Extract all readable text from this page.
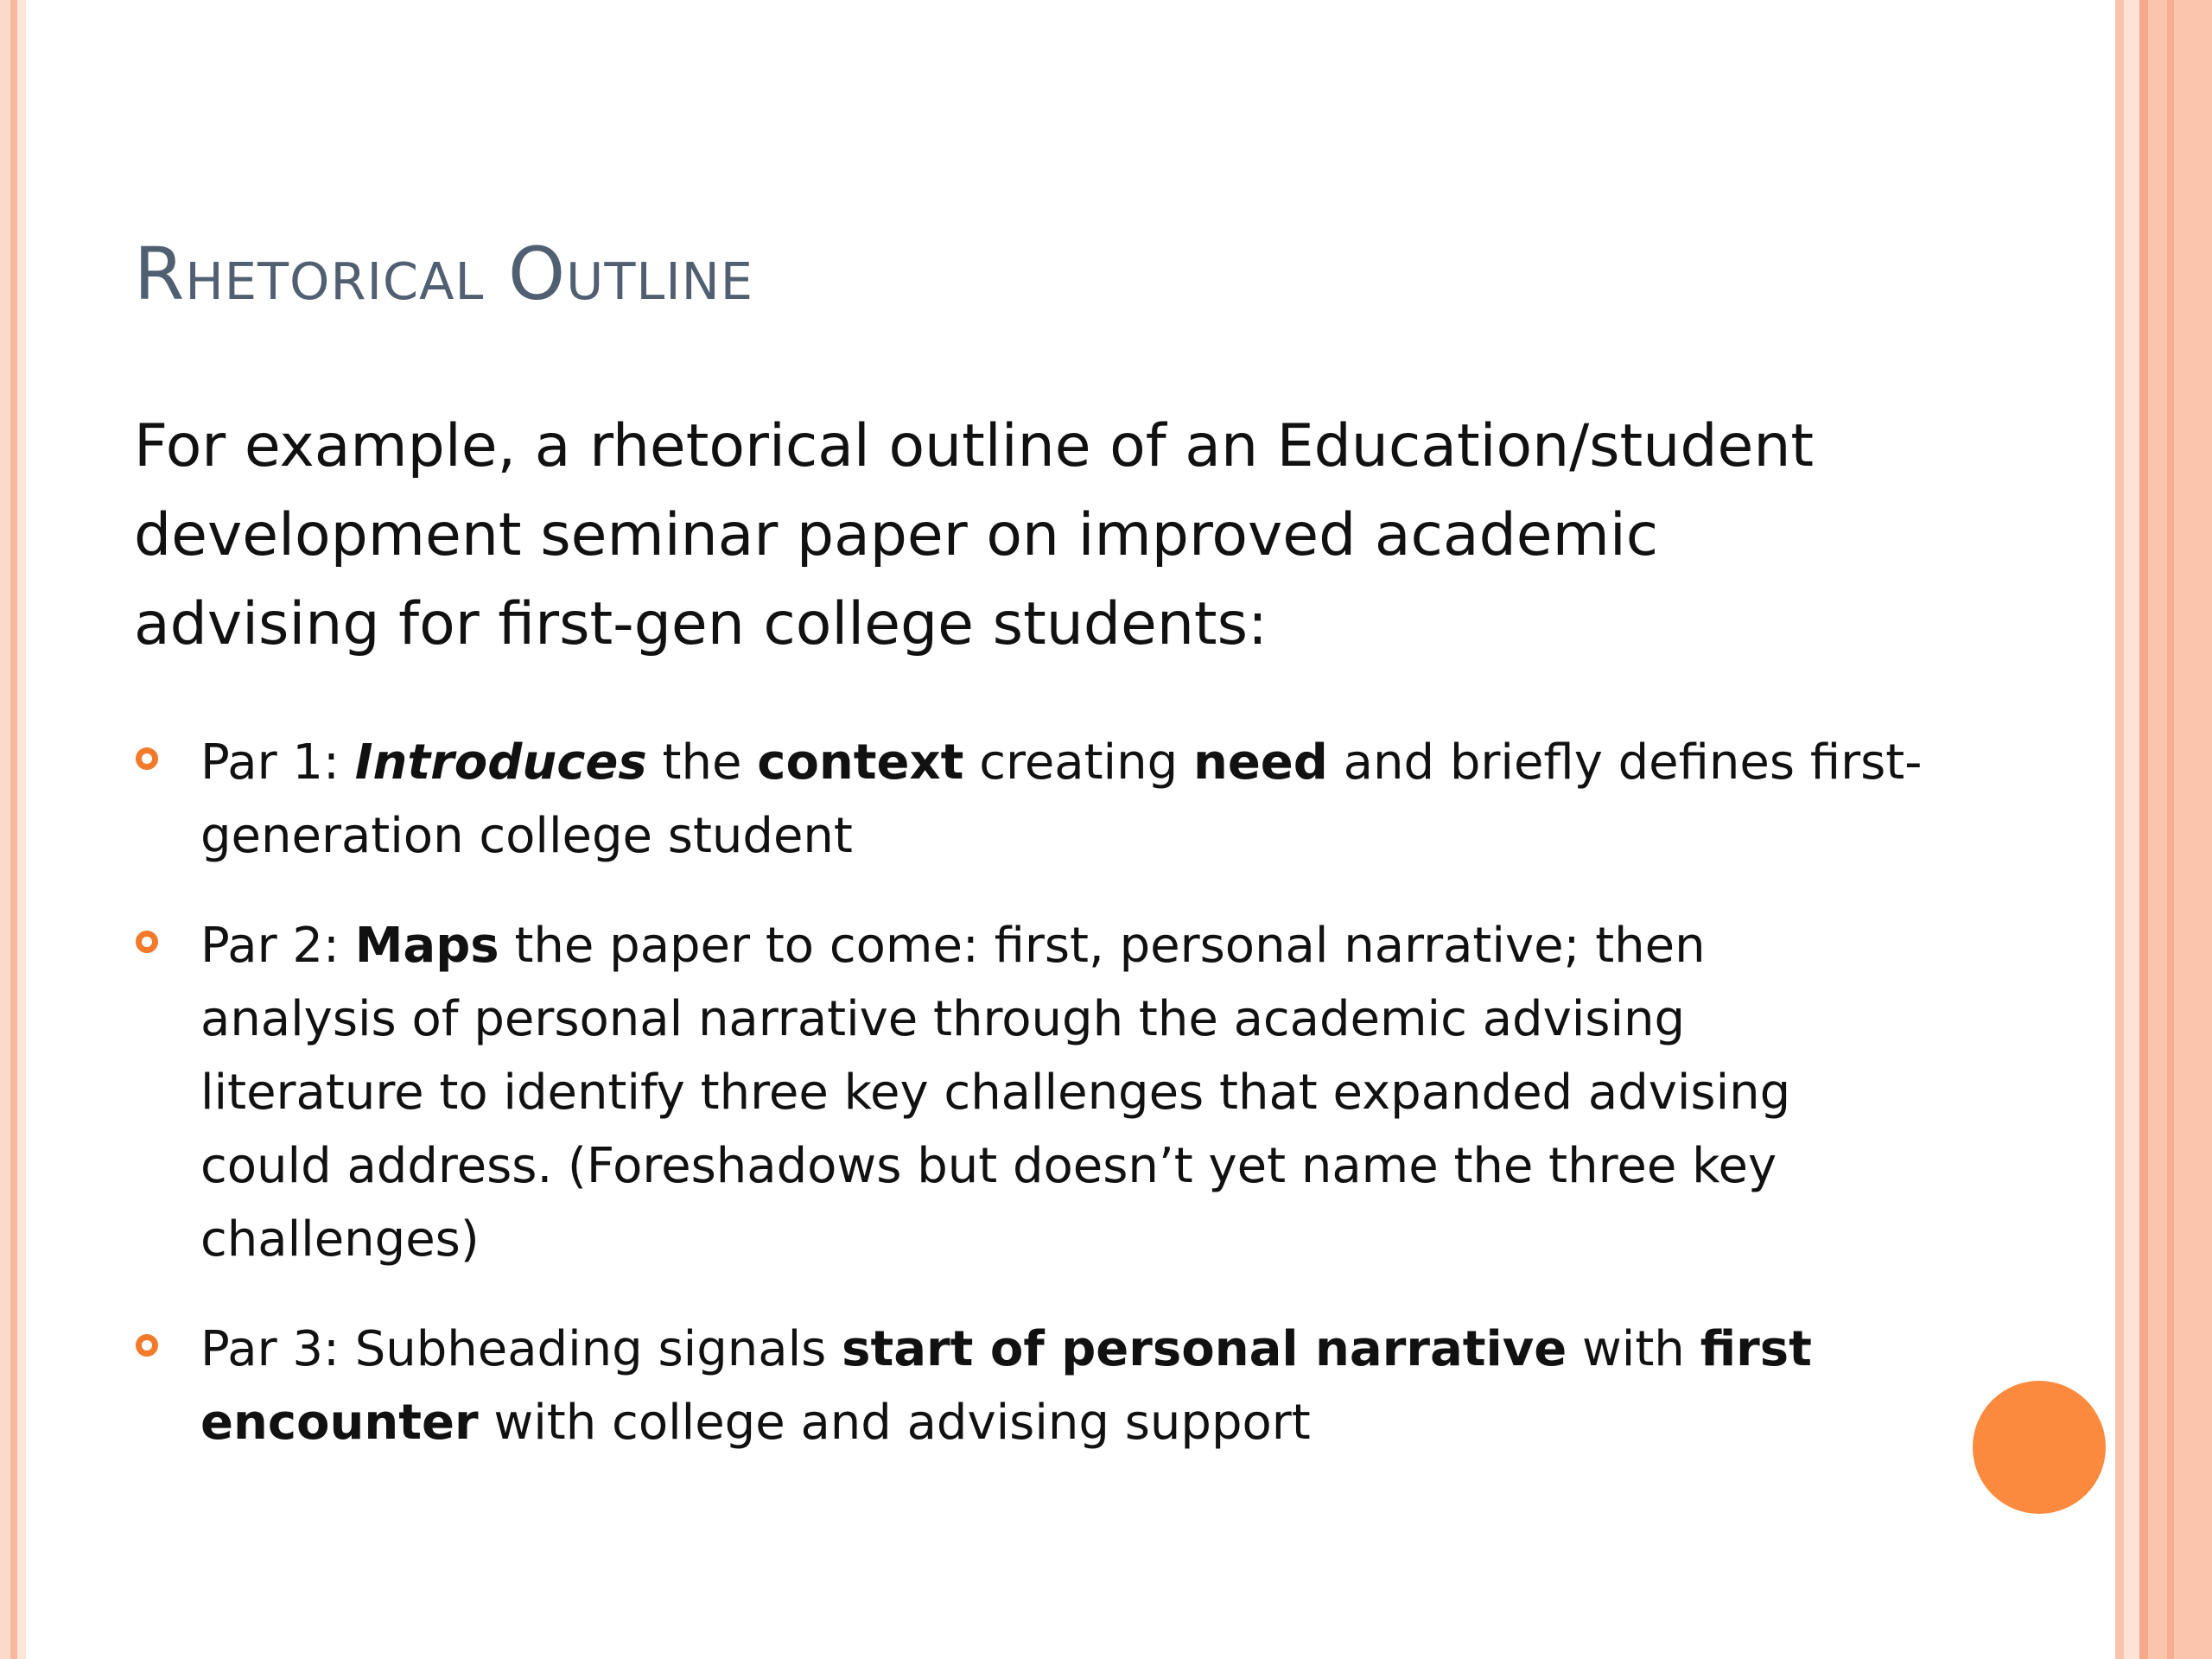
Rhetorical Outline
For example, a rhetorical outline of an Education/student
development seminar paper on improved academic
advising for first-gen college students:
Par 1: Introduces the context creating need and briefly defines first-
generation college student
Par 2: Maps the paper to come: first, personal narrative; then
analysis of personal narrative through the academic advising
literature to identify three key challenges that expanded advising
could address. (Foreshadows but doesn’t yet name the three key
challenges)
Par 3: Subheading signals start of personal narrative with first
encounter with college and advising support
